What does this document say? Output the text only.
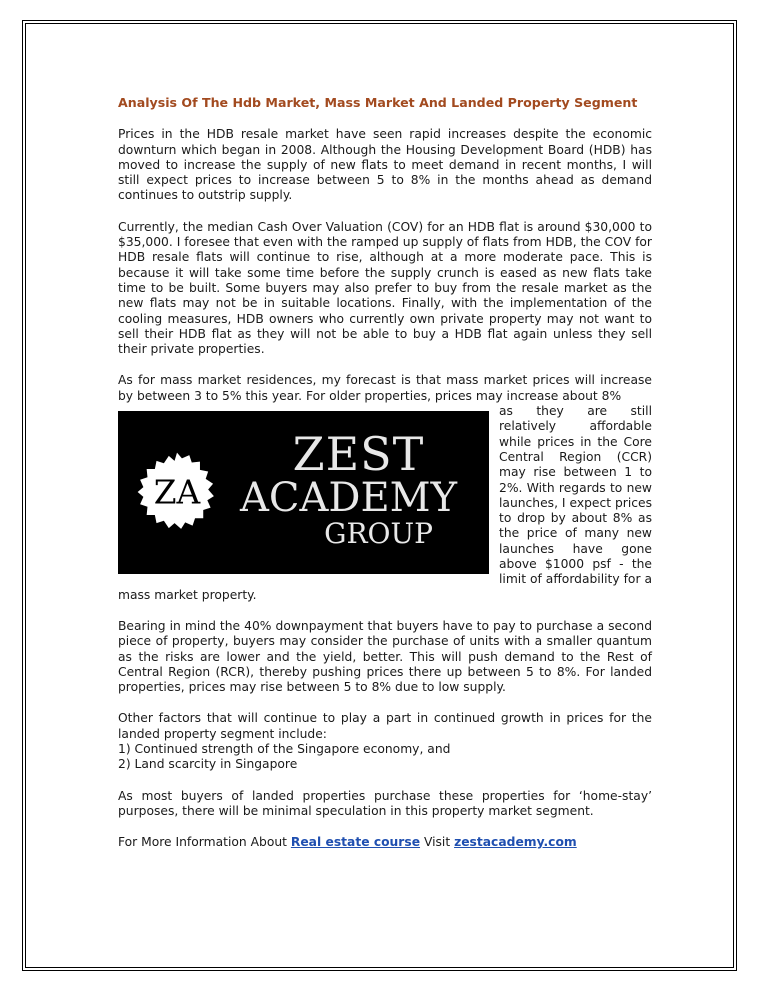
Analysis Of The Hdb Market, Mass Market And Landed Property Segment

Prices in the HDB resale market have seen rapid increases despite the economic downturn which began in 2008. Although the Housing Development Board (HDB) has moved to increase the supply of new flats to meet demand in recent months, I will still expect prices to increase between 5 to 8% in the months ahead as demand continues to outstrip supply.

Currently, the median Cash Over Valuation (COV) for an HDB flat is around $30,000 to $35,000. I foresee that even with the ramped up supply of flats from HDB, the COV for HDB resale flats will continue to rise, although at a more moderate pace. This is because it will take some time before the supply crunch is eased as new flats take time to be built. Some buyers may also prefer to buy from the resale market as the new flats may not be in suitable locations. Finally, with the implementation of the cooling measures, HDB owners who currently own private property may not want to sell their HDB flat as they will not be able to buy a HDB flat again unless they sell their private properties.

As for mass market residences, my forecast is that mass market prices will increase by between 3 to 5% this year. For older properties, prices may increase about 8%

ZA
ZEST
ACADEMY
GROUP

as they are still relatively affordable while prices in the Core Central Region (CCR) may rise between 1 to 2%. With regards to new launches, I expect prices to drop by about 8% as the price of many new launches have gone above $1000 psf - the limit of affordability for a mass market property.

Bearing in mind the 40% downpayment that buyers have to pay to purchase a second piece of property, buyers may consider the purchase of units with a smaller quantum as the risks are lower and the yield, better. This will push demand to the Rest of Central Region (RCR), thereby pushing prices there up between 5 to 8%. For landed properties, prices may rise between 5 to 8% due to low supply.

Other factors that will continue to play a part in continued growth in prices for the landed property segment include:
1) Continued strength of the Singapore economy, and
2) Land scarcity in Singapore

As most buyers of landed properties purchase these properties for ‘home-stay’ purposes, there will be minimal speculation in this property market segment.

For More Information About Real estate course Visit zestacademy.com
